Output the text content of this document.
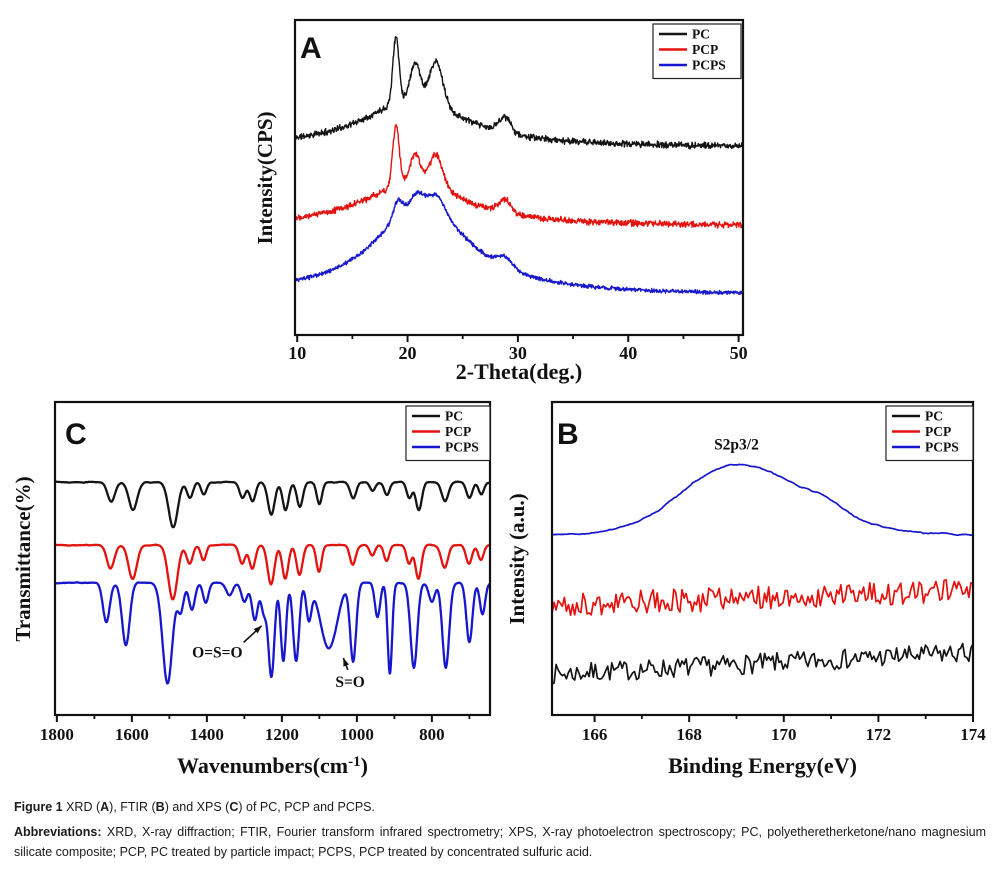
10	20	30	40	50
2-Theta(deg.)
Intensity(CPS)
A	PC
PCP
PCPS
1800 1600 1400 1200 1000	800
$Wavenumbers(cm^{-1})$
Transmittance(%)
C
PC
PCP
PCPS
O=S=O
S=O
166	168	170	172	174
Binding Energy(eV)
Intensity (a.u.)
B
PC
PCP
PCPS
S2p3/2

Figure 1 XRD (A), FTIR (B) and XPS (C) of PC, PCP and PCPS.

Abbreviations: XRD, X-ray diffraction; FTIR, Fourier transform infrared spectrometry; XPS, X-ray photoelectron spectroscopy; PC, polyetheretherketone/nano magnesium silicate composite; PCP, PC treated by particle impact; PCPS, PCP treated by concentrated sulfuric acid.
